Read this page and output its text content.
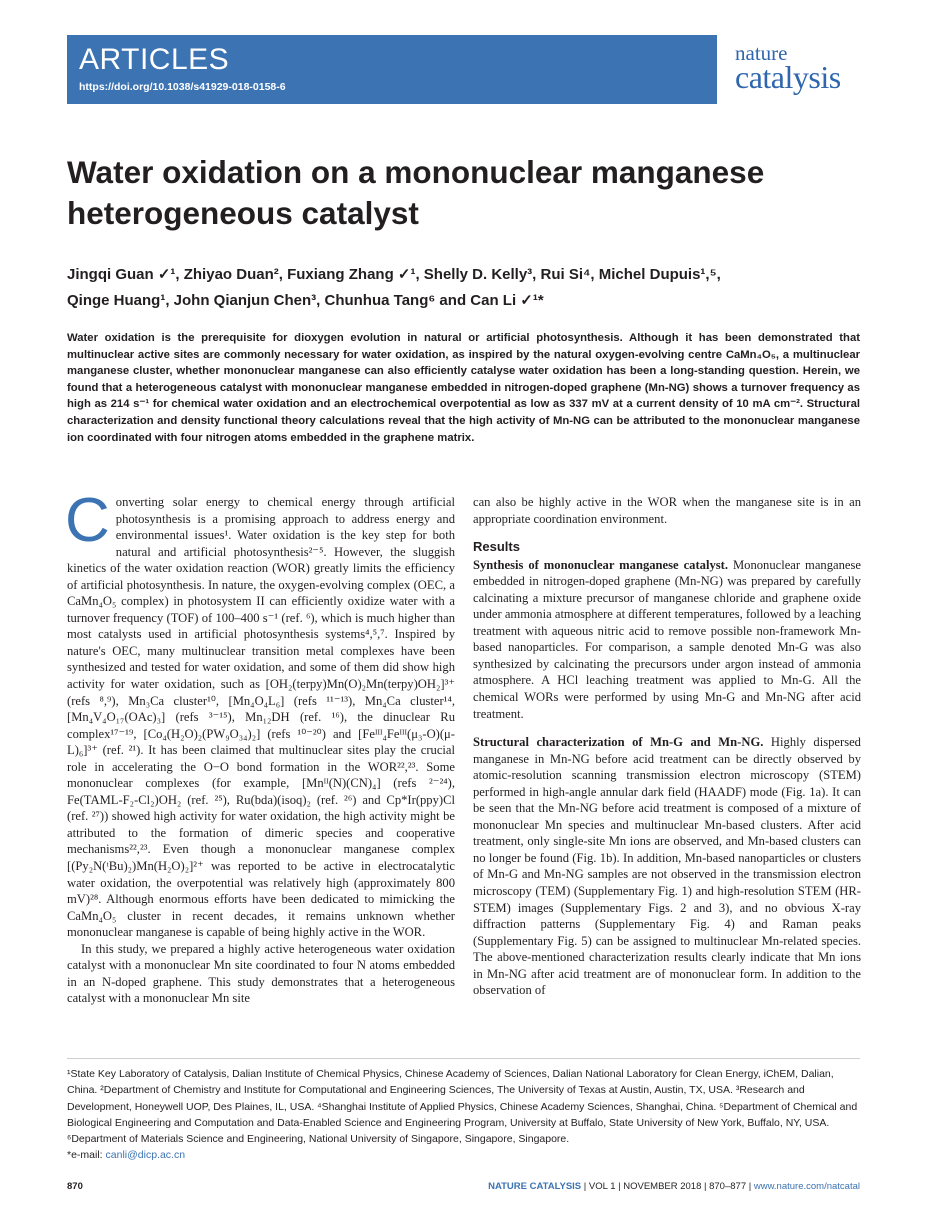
ARTICLES
https://doi.org/10.1038/s41929-018-0158-6
nature
catalysis
Water oxidation on a mononuclear manganese heterogeneous catalyst
Jingqi Guan ✓¹, Zhiyao Duan², Fuxiang Zhang ✓¹, Shelly D. Kelly³, Rui Si⁴, Michel Dupuis¹,⁵,
Qinge Huang¹, John Qianjun Chen³, Chunhua Tang⁶ and Can Li ✓¹*
Water oxidation is the prerequisite for dioxygen evolution in natural or artificial photosynthesis. Although it has been demonstrated that multinuclear active sites are commonly necessary for water oxidation, as inspired by the natural oxygen-evolving centre CaMn₄O₅, a multinuclear manganese cluster, whether mononuclear manganese can also efficiently catalyse water oxidation has been a long-standing question. Herein, we found that a heterogeneous catalyst with mononuclear manganese embedded in nitrogen-doped graphene (Mn-NG) shows a turnover frequency as high as 214 s⁻¹ for chemical water oxidation and an electrochemical overpotential as low as 337 mV at a current density of 10 mA cm⁻². Structural characterization and density functional theory calculations reveal that the high activity of Mn-NG can be attributed to the mononuclear manganese ion coordinated with four nitrogen atoms embedded in the graphene matrix.

C onverting solar energy to chemical energy through artificial photosynthesis is a promising approach to address energy and environmental issues¹. Water oxidation is the key step for both natural and artificial photosynthesis²⁻⁵. However, the sluggish kinetics of the water oxidation reaction (WOR) greatly limits the efficiency of artificial photosynthesis. In nature, the oxygen-evolving complex (OEC, a CaMn₄O₅ complex) in photosystem II can efficiently oxidize water with a turnover frequency (TOF) of 100–400 s⁻¹ (ref. ⁶), which is much higher than most catalysts used in artificial photosynthesis systems⁴,⁵,⁷. Inspired by nature's OEC, many multinuclear transition metal complexes have been synthesized and tested for water oxidation, and some of them did show high activity for water oxidation, such as [OH₂(terpy)Mn(O)₂Mn(terpy)OH₂]³⁺ (refs ⁸,⁹), Mn₃Ca cluster¹⁰, [Mn₄O₄L₆] (refs ¹¹⁻¹³), Mn₄Ca cluster¹⁴, [Mn₄V₄O₁₇(OAc)₃] (refs ³⁻¹⁵), Mn₁₂DH (ref. ¹⁶), the dinuclear Ru complex¹⁷⁻¹⁹, [Co₄(H₂O)₂(PW₉O₃₄)₂] (refs ¹⁰⁻²⁰) and [Feᴵᴵᴵ₄Feᴵᴵᴵ(μ₃-O)(μ-L)₆]³⁺ (ref. ²¹). It has been claimed that multinuclear sites play the crucial role in accelerating the O−O bond formation in the WOR²²,²³. Some mononuclear complexes (for example, [Mnᴵᴵ(N)(CN)₄] (refs ²⁻²⁴), Fe(TAML-F₂-Cl₂)OH₂ (ref. ²⁵), Ru(bda)(isoq)₂ (ref. ²⁶) and Cp*Ir(ppy)Cl (ref. ²⁷)) showed high activity for water oxidation, the high activity might be attributed to the formation of dimeric species and cooperative mechanisms²²,²³. Even though a mononuclear manganese complex [(Py₂N(ᵗBu)₂)Mn(H₂O)₂]²⁺ was reported to be active in electrocatalytic water oxidation, the overpotential was relatively high (approximately 800 mV)²⁸. Although enormous efforts have been dedicated to mimicking the CaMn₄O₅ cluster in recent decades, it remains unknown whether mononuclear manganese is capable of being highly active in the WOR.

In this study, we prepared a highly active heterogeneous water oxidation catalyst with a mononuclear Mn site coordinated to four N atoms embedded in an N-doped graphene. This study demonstrates that a heterogeneous catalyst with a mononuclear Mn site

can also be highly active in the WOR when the manganese site is in an appropriate coordination environment.

Results

Synthesis of mononuclear manganese catalyst. Mononuclear manganese embedded in nitrogen-doped graphene (Mn-NG) was prepared by carefully calcinating a mixture precursor of manganese chloride and graphene oxide under ammonia atmosphere at different temperatures, followed by a leaching treatment with aqueous nitric acid to remove possible non-framework Mn-based nanoparticles. For comparison, a sample denoted Mn-G was also synthesized by calcinating the precursors under argon instead of ammonia atmosphere. A HCl leaching treatment was applied to Mn-G. All the chemical WORs were performed by using Mn-G and Mn-NG after acid treatment.

Structural characterization of Mn-G and Mn-NG. Highly dispersed manganese in Mn-NG before acid treatment can be directly observed by atomic-resolution scanning transmission electron microscopy (STEM) performed in high-angle annular dark field (HAADF) mode (Fig. 1a). It can be seen that the Mn-NG before acid treatment is composed of a mixture of mononuclear Mn species and multinuclear Mn-based clusters. After acid treatment, only single-site Mn ions are observed, and Mn-based clusters can no longer be found (Fig. 1b). In addition, Mn-based nanoparticles or clusters of Mn-G and Mn-NG samples are not observed in the transmission electron microscopy (TEM) (Supplementary Fig. 1) and high-resolution STEM (HR-STEM) images (Supplementary Figs. 2 and 3), and no obvious X-ray diffraction patterns (Supplementary Fig. 4) and Raman peaks (Supplementary Fig. 5) can be assigned to multinuclear Mn-related species. The above-mentioned characterization results clearly indicate that Mn ions in Mn-NG after acid treatment are of mononuclear form. In addition to the observation of

¹State Key Laboratory of Catalysis, Dalian Institute of Chemical Physics, Chinese Academy of Sciences, Dalian National Laboratory for Clean Energy, iChEM, Dalian, China. ²Department of Chemistry and Institute for Computational and Engineering Sciences, The University of Texas at Austin, Austin, TX, USA. ³Research and Development, Honeywell UOP, Des Plaines, IL, USA. ⁴Shanghai Institute of Applied Physics, Chinese Academy Sciences, Shanghai, China. ⁵Department of Chemical and Biological Engineering and Computation and Data-Enabled Science and Engineering Program, University at Buffalo, State University of New York, Buffalo, NY, USA. ⁶Department of Materials Science and Engineering, National University of Singapore, Singapore, Singapore.
*e-mail: canli@dicp.ac.cn
870	NATURE CATALYSIS | VOL 1 | NOVEMBER 2018 | 870–877 | www.nature.com/natcatal
